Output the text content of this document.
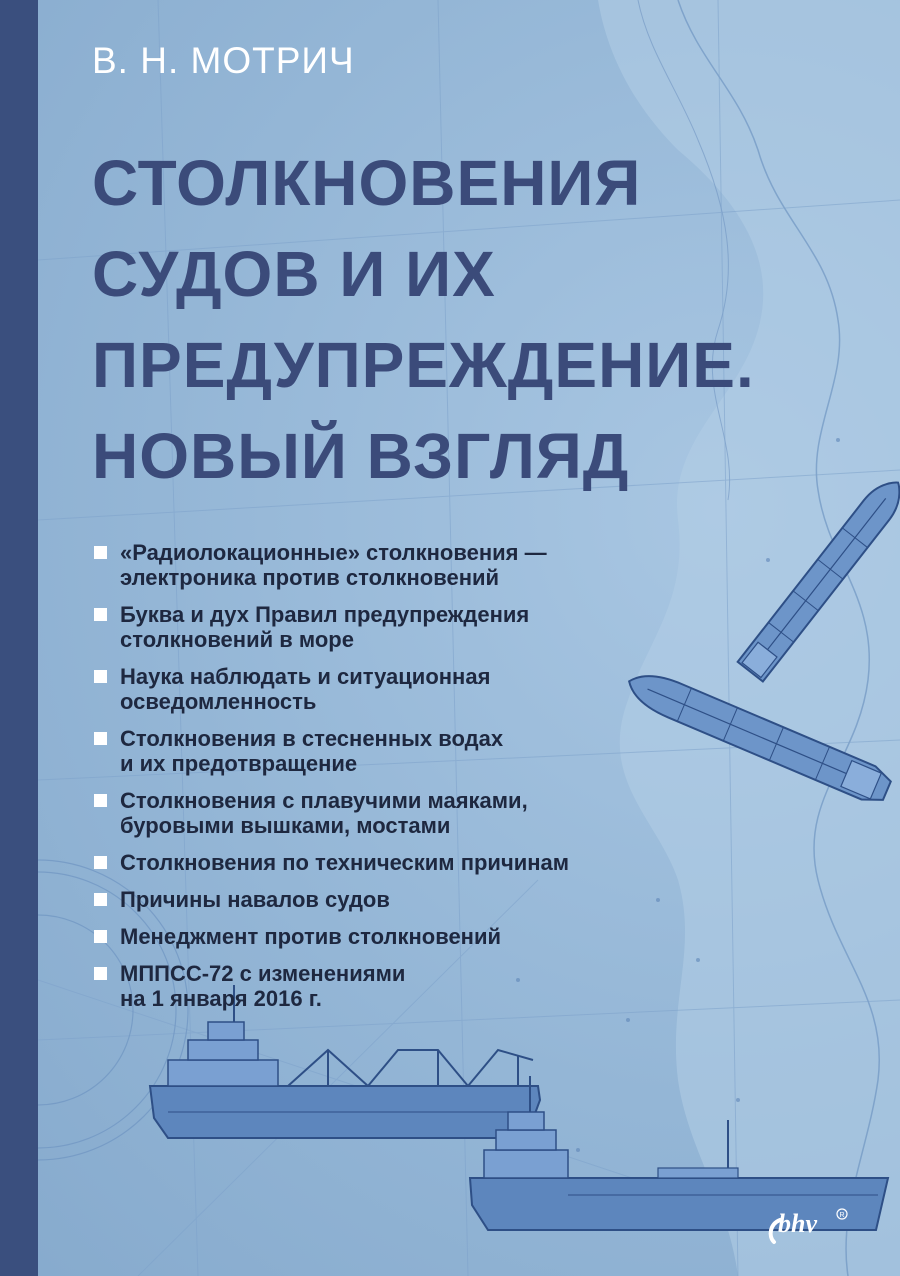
В. Н. МОТРИЧ
СТОЛКНОВЕНИЯ
СУДОВ И ИХ
ПРЕДУПРЕЖДЕНИЕ.
НОВЫЙ ВЗГЛЯД
«Радиолокационные» столкновения —
электроника против столкновений
Буква и дух Правил предупреждения
столкновений в море
Наука наблюдать и ситуационная
осведомленность
Столкновения в стесненных водах
и их предотвращение
Столкновения с плавучими маяками,
буровыми вышками, мостами
Столкновения по техническим причинам
Причины навалов судов
Менеджмент против столкновений
МППСС-72 с изменениями
на 1 января 2016 г.
bhv	R
